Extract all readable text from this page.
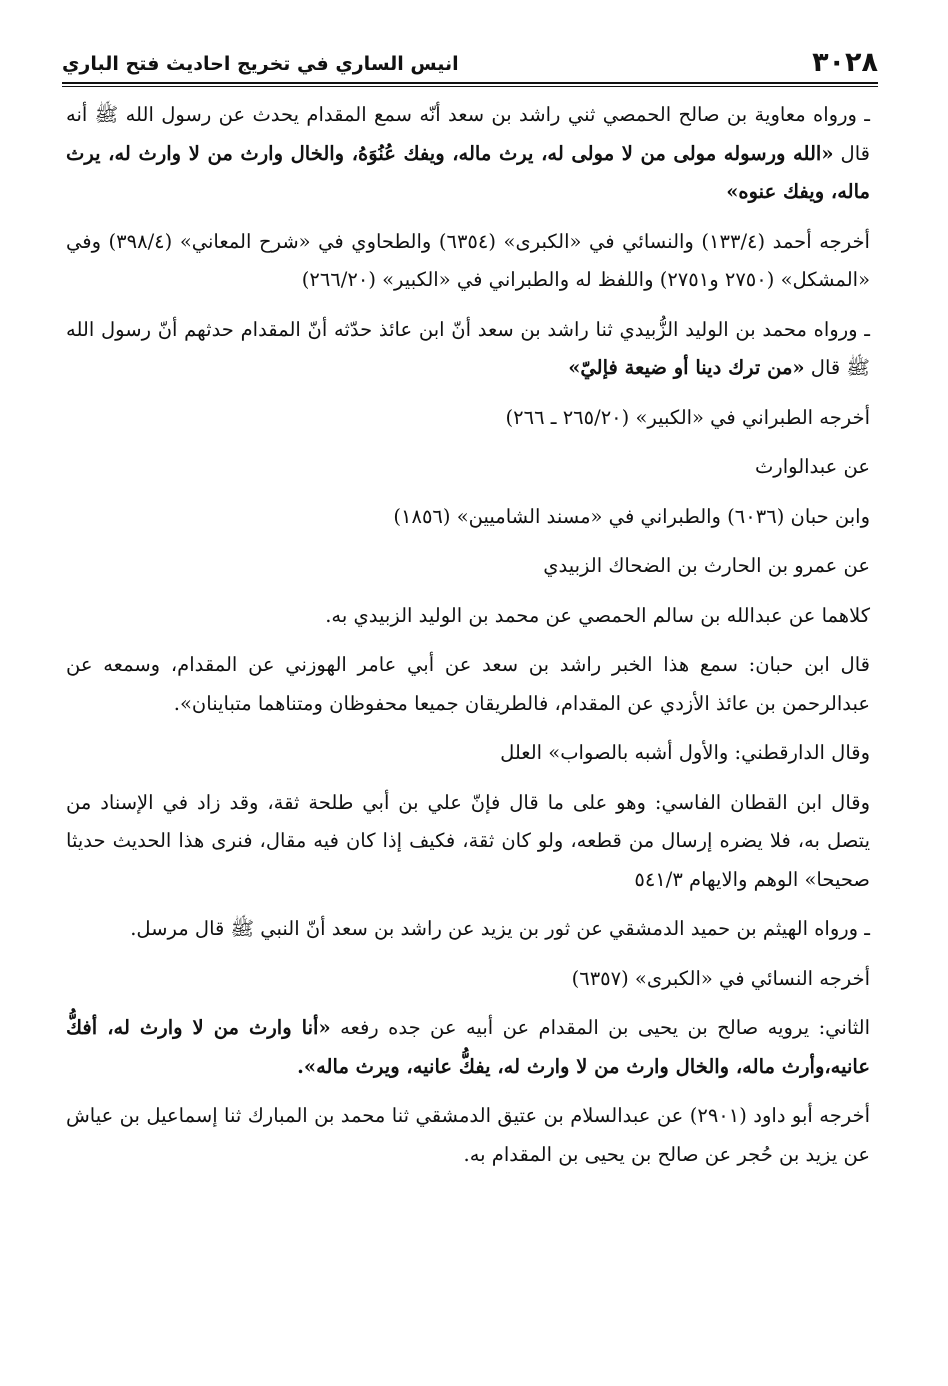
٣٠٢٨
انيس الساري في تخريج احاديث فتح الباري

ـ ورواه معاوية بن صالح الحمصي ثني راشد بن سعد أنّه سمع المقدام يحدث عن رسول الله ﷺ أنه قال «الله ورسوله مولى من لا مولى له، يرث ماله، ويفك عُنُوَهُ، والخال وارث من لا وارث له، يرث ماله، ويفك عنوه»

أخرجه أحمد (١٣٣/٤) والنسائي في «الكبرى» (٦٣٥٤) والطحاوي في «شرح المعاني» (٣٩٨/٤) وفي «المشكل» (٢٧٥٠ و٢٧٥١) واللفظ له والطبراني في «الكبير» (٢٦٦/٢٠)

ـ ورواه محمد بن الوليد الزُّبيدي ثنا راشد بن سعد أنّ ابن عائذ حدّثه أنّ المقدام حدثهم أنّ رسول الله ﷺ قال «من ترك دينا أو ضيعة فإليّ»

أخرجه الطبراني في «الكبير» (٢٦٥/٢٠ ـ ٢٦٦)

عن عبدالوارث

وابن حبان (٦٠٣٦) والطبراني في «مسند الشاميين» (١٨٥٦)

عن عمرو بن الحارث بن الضحاك الزبيدي

كلاهما عن عبدالله بن سالم الحمصي عن محمد بن الوليد الزبيدي به.

قال ابن حبان: سمع هذا الخبر راشد بن سعد عن أبي عامر الهوزني عن المقدام، وسمعه عن عبدالرحمن بن عائذ الأزدي عن المقدام، فالطريقان جميعا محفوظان ومتناهما متباينان».

وقال الدارقطني: والأول أشبه بالصواب» العلل

وقال ابن القطان الفاسي: وهو على ما قال فإنّ علي بن أبي طلحة ثقة، وقد زاد في الإسناد من يتصل به، فلا يضره إرسال من قطعه، ولو كان ثقة، فكيف إذا كان فيه مقال، فنرى هذا الحديث حديثا صحيحا» الوهم والايهام ٥٤١/٣

ـ ورواه الهيثم بن حميد الدمشقي عن ثور بن يزيد عن راشد بن سعد أنّ النبي ﷺ قال مرسل.

أخرجه النسائي في «الكبرى» (٦٣٥٧)

الثاني: يرويه صالح بن يحيى بن المقدام عن أبيه عن جده رفعه «أنا وارث من لا وارث له، أفكُّ عانيه،وأرث ماله، والخال وارث من لا وارث له، يفكُّ عانيه، ويرث ماله».

أخرجه أبو داود (٢٩٠١) عن عبدالسلام بن عتيق الدمشقي ثنا محمد بن المبارك ثنا إسماعيل بن عياش عن يزيد بن حُجر عن صالح بن يحيى بن المقدام به.
